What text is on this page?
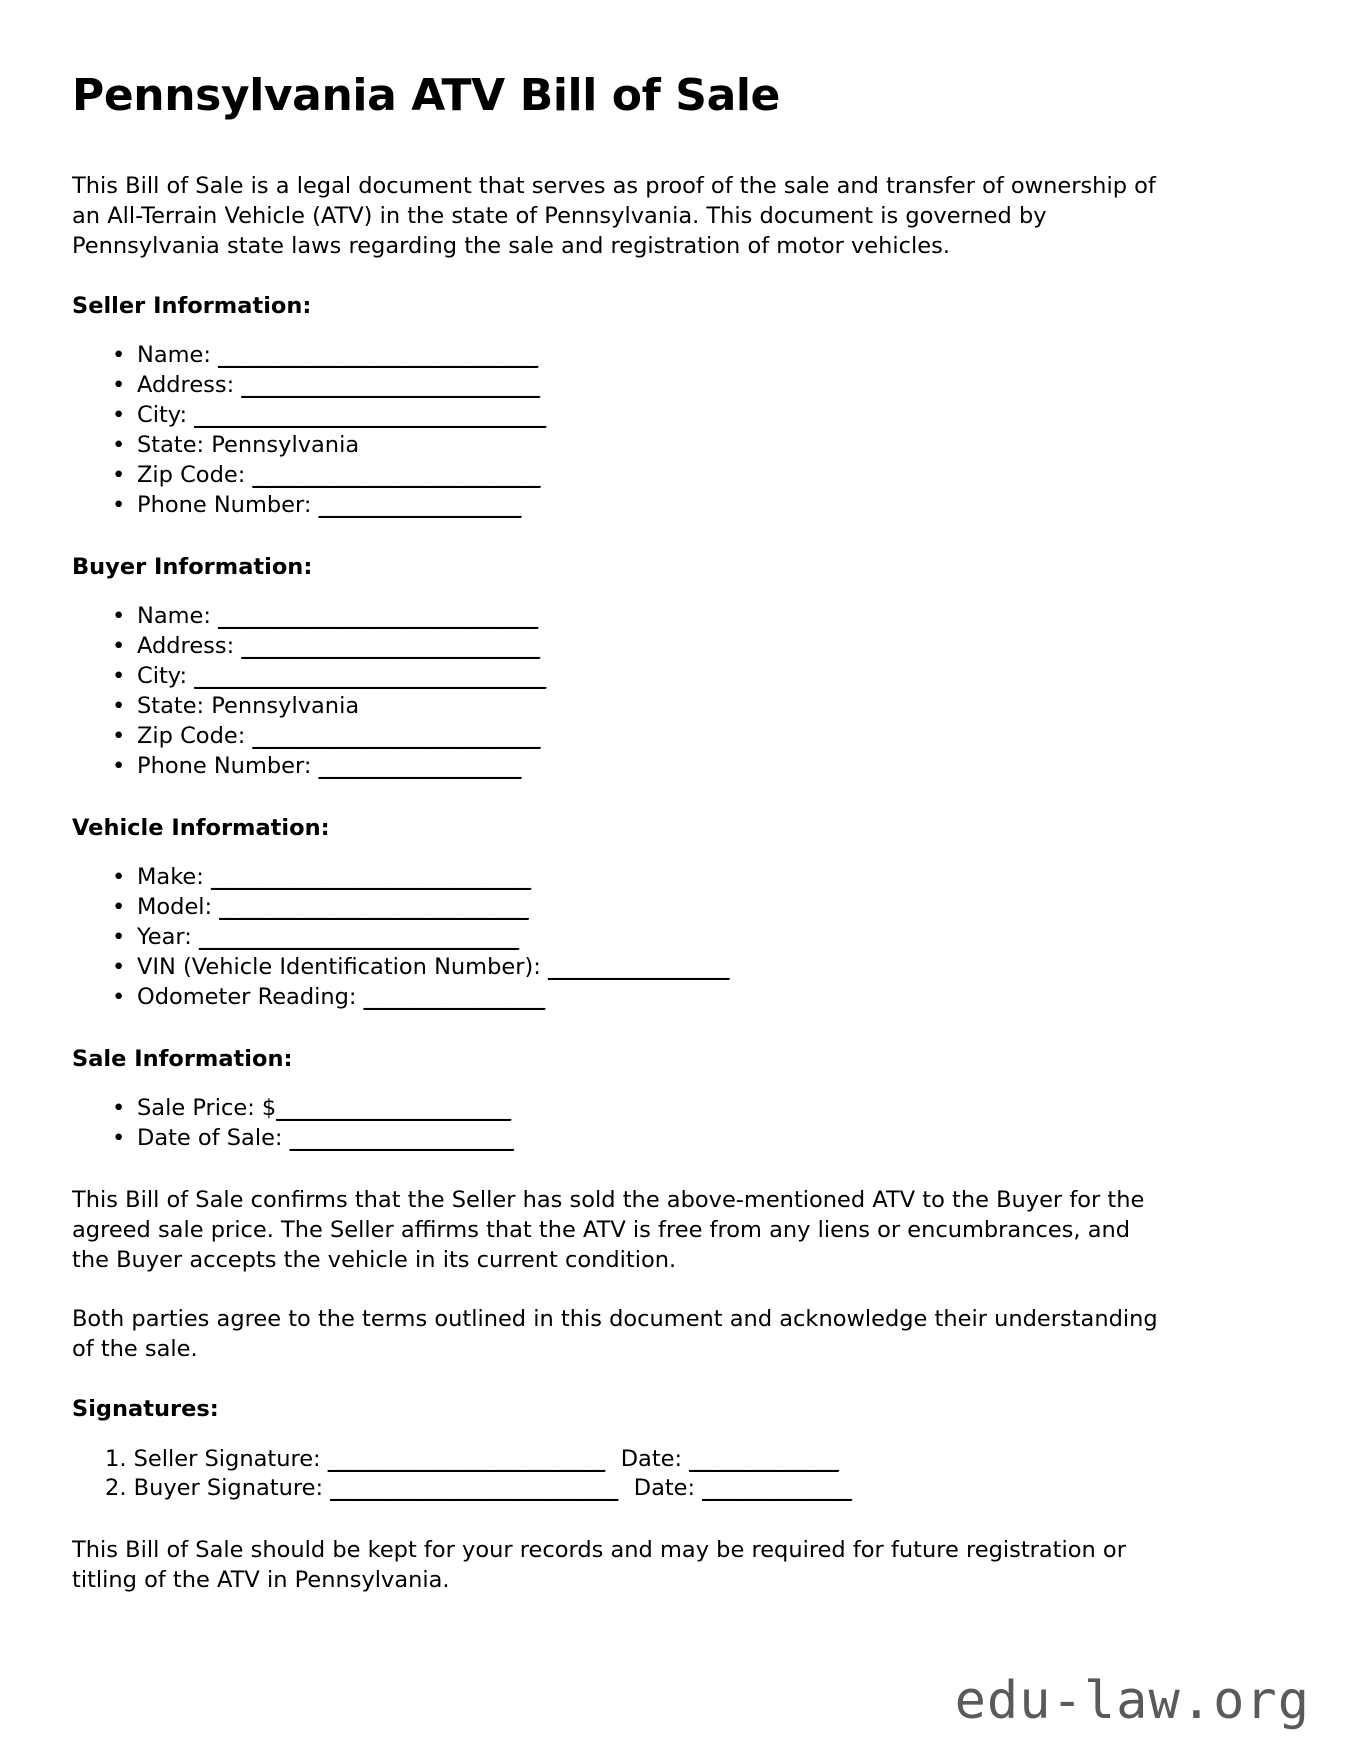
Pennsylvania ATV Bill of Sale

This Bill of Sale is a legal document that serves as proof of the sale and transfer of ownership of an All-Terrain Vehicle (ATV) in the state of Pennsylvania. This document is governed by Pennsylvania state laws regarding the sale and registration of motor vehicles.

Seller Information:
• Name: ______________________________
• Address: ____________________________
• City: _________________________________
• State: Pennsylvania
• Zip Code: ___________________________
• Phone Number: ___________________
Buyer Information:
• Name: ______________________________
• Address: ____________________________
• City: _________________________________
• State: Pennsylvania
• Zip Code: ___________________________
• Phone Number: ___________________
Vehicle Information:
• Make: ______________________________
• Model: _____________________________
• Year: ______________________________
• VIN (Vehicle Identification Number): _________________
• Odometer Reading: _________________
Sale Information:
• Sale Price: $______________________
• Date of Sale: _____________________

This Bill of Sale confirms that the Seller has sold the above-mentioned ATV to the Buyer for the agreed sale price. The Seller affirms that the ATV is free from any liens or encumbrances, and the Buyer accepts the vehicle in its current condition.

Both parties agree to the terms outlined in this document and acknowledge their understanding of the sale.

Signatures:
Seller Signature: __________________________ Date: ______________
Buyer Signature: ___________________________ Date: ______________

This Bill of Sale should be kept for your records and may be required for future registration or titling of the ATV in Pennsylvania.

edu-law.org
